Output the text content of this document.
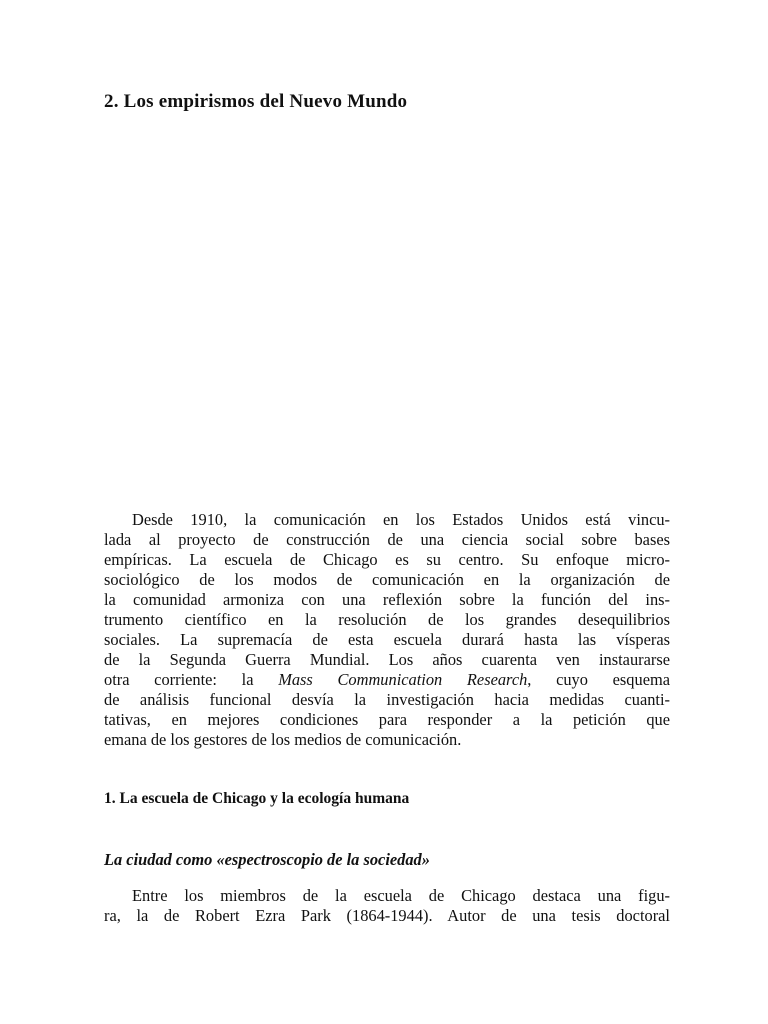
2. Los empirismos del Nuevo Mundo
Desde 1910, la comunicación en los Estados Unidos está vincu-
lada al proyecto de construcción de una ciencia social sobre bases
empíricas. La escuela de Chicago es su centro. Su enfoque micro-
sociológico de los modos de comunicación en la organización de
la comunidad armoniza con una reflexión sobre la función del ins-
trumento científico en la resolución de los grandes desequilibrios
sociales. La supremacía de esta escuela durará hasta las vísperas
de la Segunda Guerra Mundial. Los años cuarenta ven instaurarse
otra corriente: la Mass Communication Research, cuyo esquema
de análisis funcional desvía la investigación hacia medidas cuanti-
tativas, en mejores condiciones para responder a la petición que
emana de los gestores de los medios de comunicación.
1. La escuela de Chicago y la ecología humana
La ciudad como «espectroscopio de la sociedad»
Entre los miembros de la escuela de Chicago destaca una figu-
ra, la de Robert Ezra Park (1864-1944). Autor de una tesis doctoral
